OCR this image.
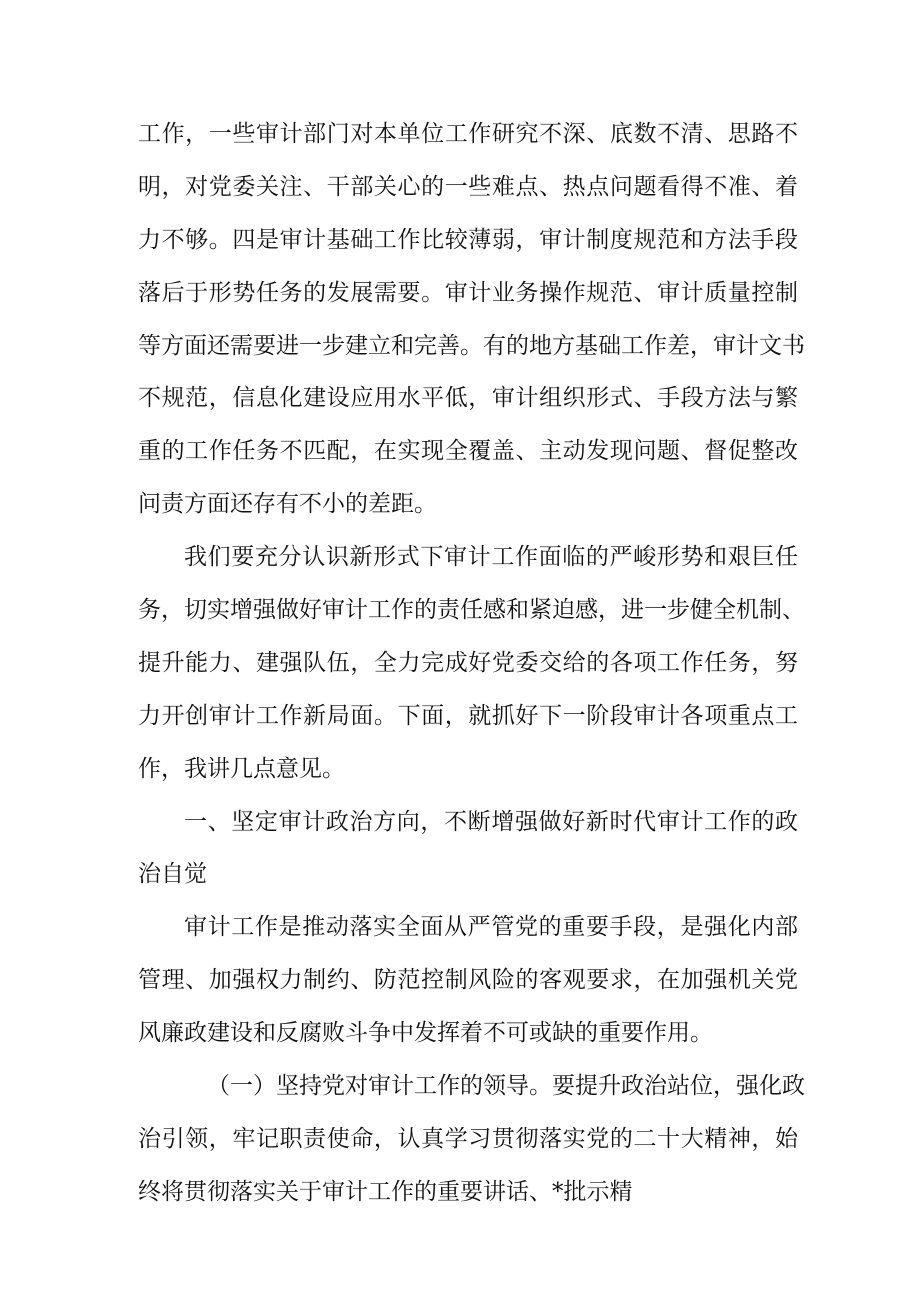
工作，一些审计部门对本单位工作研究不深、底数不清、思路不
明，对党委关注、干部关心的一些难点、热点问题看得不准、着
力不够。四是审计基础工作比较薄弱，审计制度规范和方法手段
落后于形势任务的发展需要。审计业务操作规范、审计质量控制
等方面还需要进一步建立和完善。有的地方基础工作差，审计文书
不规范，信息化建设应用水平低，审计组织形式、手段方法与繁
重的工作任务不匹配，在实现全覆盖、主动发现问题、督促整改
问责方面还存有不小的差距。
我们要充分认识新形式下审计工作面临的严峻形势和艰巨任
务，切实增强做好审计工作的责任感和紧迫感，进一步健全机制、
提升能力、建强队伍，全力完成好党委交给的各项工作任务，努
力开创审计工作新局面。下面，就抓好下一阶段审计各项重点工
作，我讲几点意见。
一、坚定审计政治方向，不断增强做好新时代审计工作的政
治自觉
审计工作是推动落实全面从严管党的重要手段，是强化内部
管理、加强权力制约、防范控制风险的客观要求，在加强机关党
风廉政建设和反腐败斗争中发挥着不可或缺的重要作用。
（一）坚持党对审计工作的领导。要提升政治站位，强化政
治引领，牢记职责使命，认真学习贯彻落实党的二十大精神，始
终将贯彻落实关于审计工作的重要讲话、*批示精
